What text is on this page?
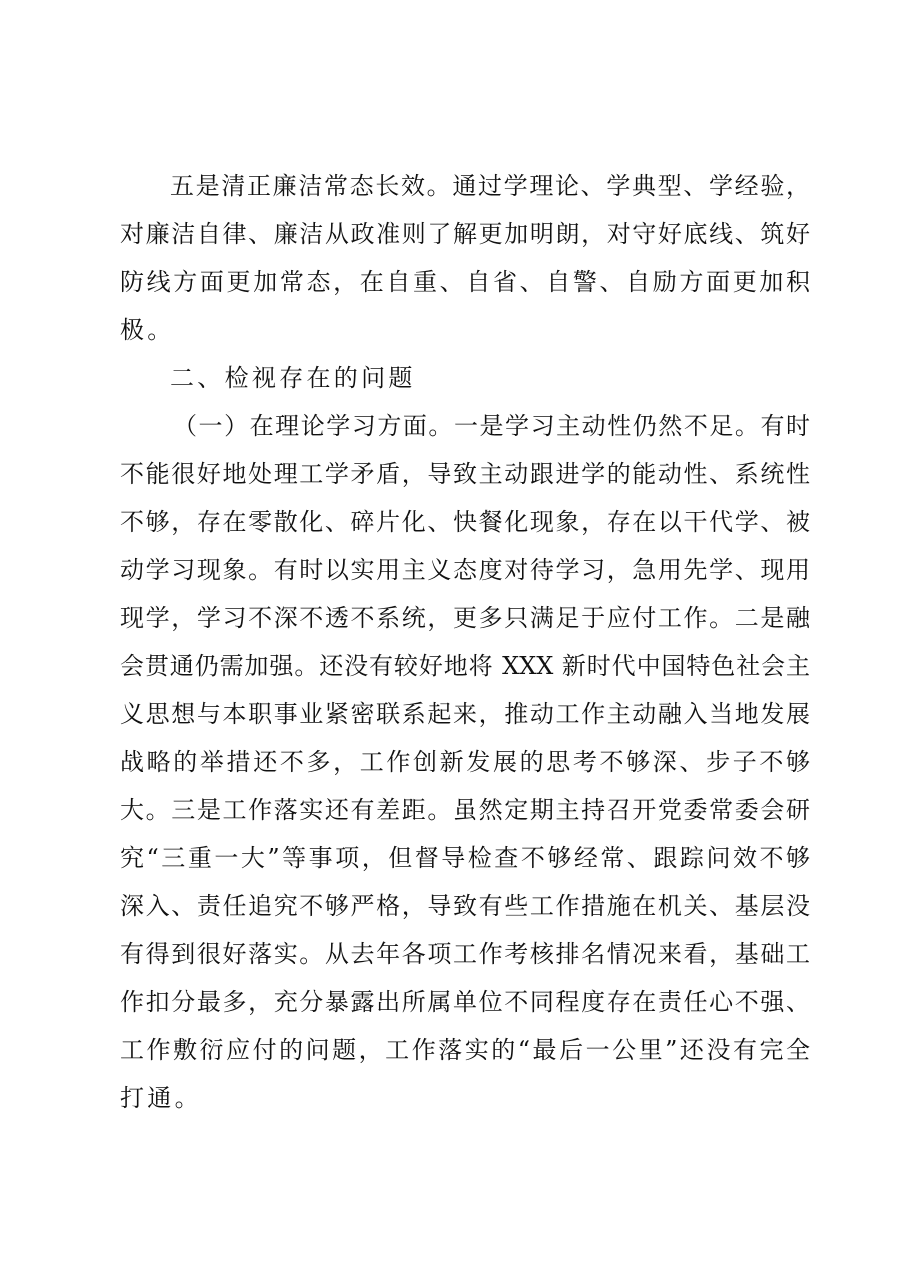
五是清正廉洁常态长效。通过学理论、学典型、学经验，
对廉洁自律、廉洁从政准则了解更加明朗，对守好底线、筑好
防线方面更加常态，在自重、自省、自警、自励方面更加积
极。
二、检视存在的问题
（一）在理论学习方面。一是学习主动性仍然不足。有时
不能很好地处理工学矛盾，导致主动跟进学的能动性、系统性
不够，存在零散化、碎片化、快餐化现象，存在以干代学、被
动学习现象。有时以实用主义态度对待学习，急用先学、现用
现学，学习不深不透不系统，更多只满足于应付工作。二是融
会贯通仍需加强。还没有较好地将 XXX 新时代中国特色社会主
义思想与本职事业紧密联系起来，推动工作主动融入当地发展
战略的举措还不多，工作创新发展的思考不够深、步子不够
大。三是工作落实还有差距。虽然定期主持召开党委常委会研
究“三重一大”等事项，但督导检查不够经常、跟踪问效不够
深入、责任追究不够严格，导致有些工作措施在机关、基层没
有得到很好落实。从去年各项工作考核排名情况来看，基础工
作扣分最多，充分暴露出所属单位不同程度存在责任心不强、
工作敷衍应付的问题，工作落实的“最后一公里”还没有完全
打通。
